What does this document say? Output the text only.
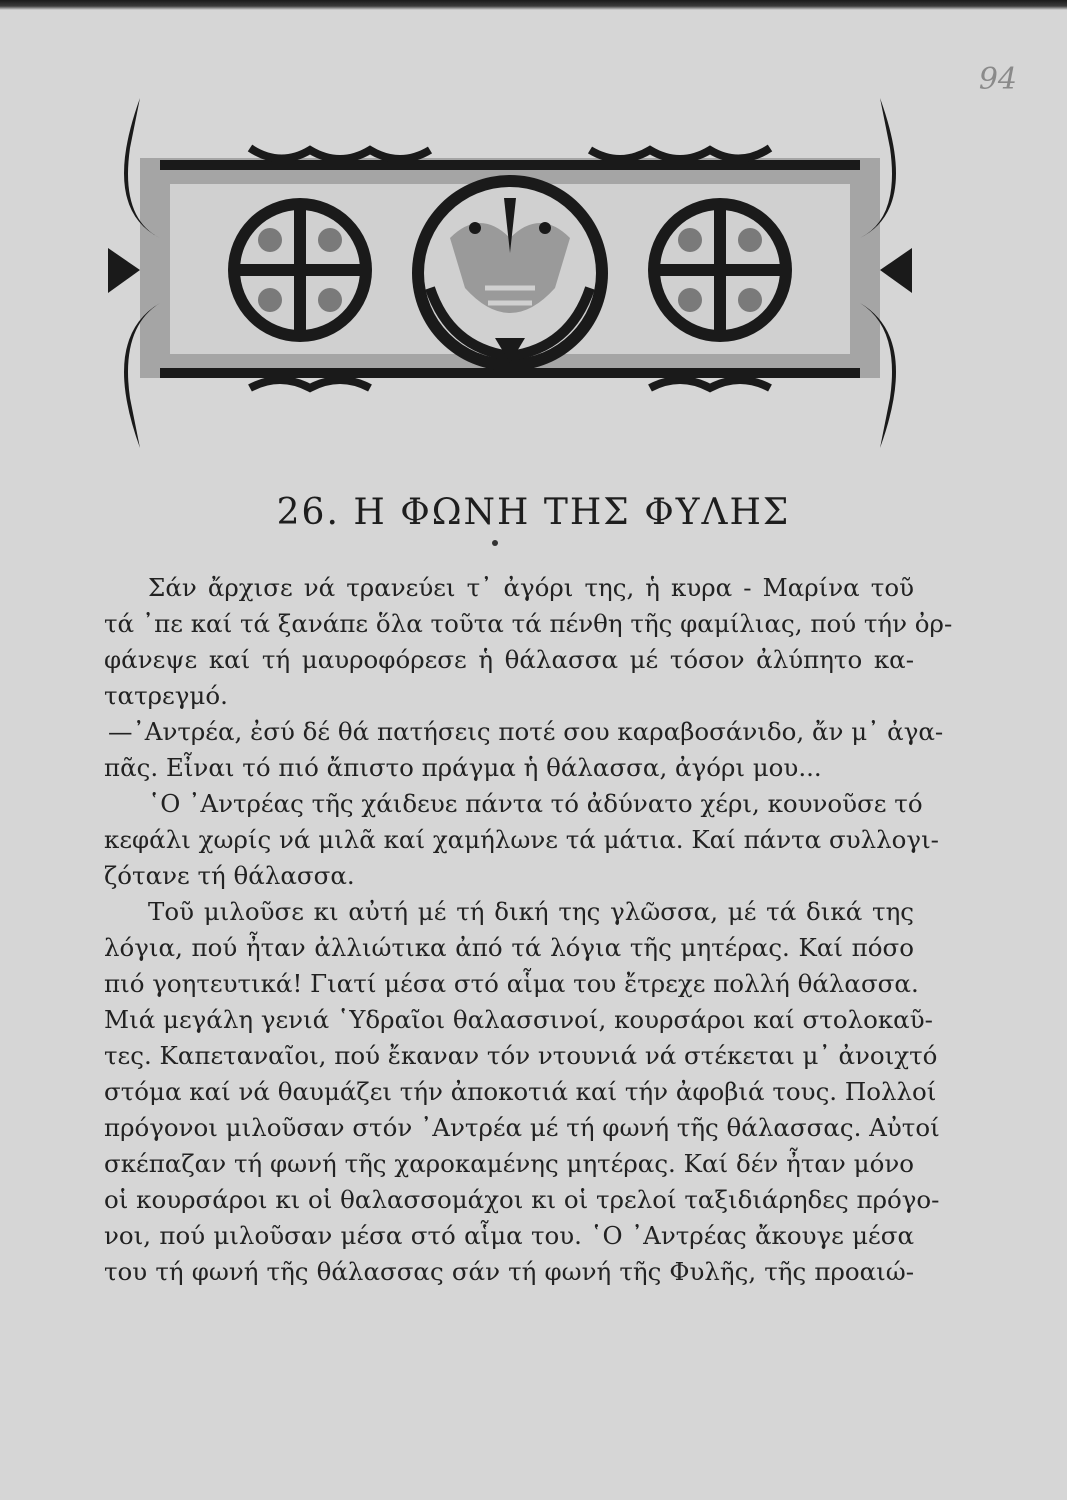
94
26. Η ΦΩΝΗ ΤΗΣ ΦΥΛΗΣ
Σάν ἄρχισε νά τρανεύει τ᾽ ἀγόρι της, ἡ κυρα - Μαρίνα τοῦ
τά ᾽πε καί τά ξανάπε ὅλα τοῦτα τά πένθη τῆς φαμίλιας, πού τήν ὀρ-
φάνεψε καί τή μαυροφόρεσε ἡ θάλασσα μέ τόσον ἀλύπητο κα-
τατρεγμό.
—᾽Αντρέα, ἐσύ δέ θά πατήσεις ποτέ σου καραβοσάνιδο, ἄν μ᾽ ἀγα-
πᾶς. Εἶναι τό πιό ἄπιστο πράγμα ἡ θάλασσα, ἀγόρι μου...
῾Ο ᾽Αντρέας τῆς χάιδευε πάντα τό ἀδύνατο χέρι, κουνοῦσε τό
κεφάλι χωρίς νά μιλᾶ καί χαμήλωνε τά μάτια. Καί πάντα συλλογι-
ζότανε τή θάλασσα.
Τοῦ μιλοῦσε κι αὐτή μέ τή δική της γλῶσσα, μέ τά δικά της
λόγια, πού ἦταν ἀλλιώτικα ἀπό τά λόγια τῆς μητέρας. Καί πόσο
πιό γοητευτικά! Γιατί μέσα στό αἷμα του ἔτρεχε πολλή θάλασσα.
Μιά μεγάλη γενιά ῾Υδραῖοι θαλασσινοί, κουρσάροι καί στολοκαῦ-
τες. Καπεταναῖοι, πού ἔκαναν τόν ντουνιά νά στέκεται μ᾽ ἀνοιχτό
στόμα καί νά θαυμάζει τήν ἀποκοτιά καί τήν ἀφοβιά τους. Πολλοί
πρόγονοι μιλοῦσαν στόν ᾽Αντρέα μέ τή φωνή τῆς θάλασσας. Αὐτοί
σκέπαζαν τή φωνή τῆς χαροκαμένης μητέρας. Καί δέν ἦταν μόνο
οἱ κουρσάροι κι οἱ θαλασσομάχοι κι οἱ τρελοί ταξιδιάρηδες πρόγο-
νοι, πού μιλοῦσαν μέσα στό αἷμα του. ῾Ο ᾽Αντρέας ἄκουγε μέσα
του τή φωνή τῆς θάλασσας σάν τή φωνή τῆς Φυλῆς, τῆς προαιώ-
